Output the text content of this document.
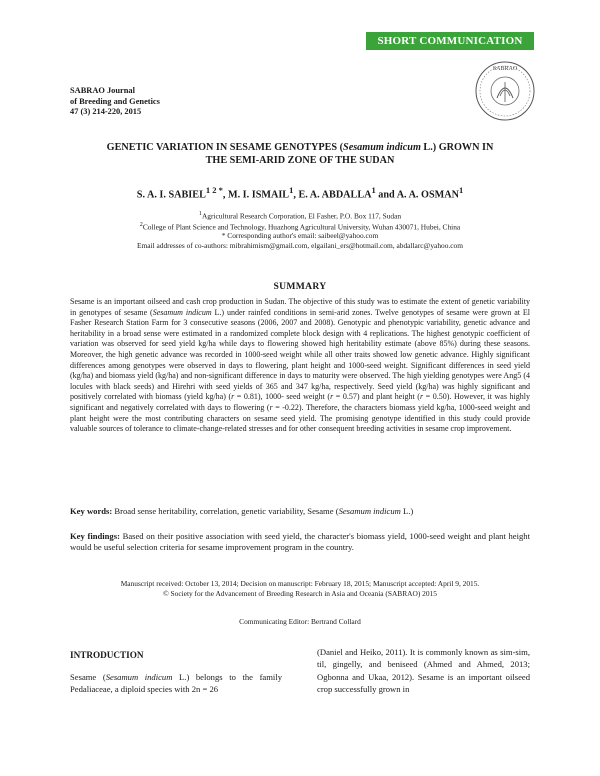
SHORT COMMUNICATION
SABRAO Journal
of Breeding and Genetics
47 (3) 214-220, 2015
SABRAO
GENETIC VARIATION IN SESAME GENOTYPES (Sesamum indicum L.) GROWN IN
THE SEMI-ARID ZONE OF THE SUDAN
S. A. I. $SABIEL^{1 2 *}$, M. I. ISMAIL$^1$, E. A. ABDALLA$^1$ and A. A. OSMAN$^1$
$^1$Agricultural Research Corporation, El Fasher, P.O. Box 117, Sudan
$^2$College of Plant Science and Technology, Huazhong Agricultural University, Wuhan 430071, Hubei, China
* Corresponding author's email: saibeel@yahoo.com
Email addresses of co-authors: mibrahimism@gmail.com, elgailani_ers@hotmail.com, abdallarc@yahoo.com
SUMMARY
Sesame is an important oilseed and cash crop production in Sudan. The objective of this study was to estimate the extent of genetic variability in genotypes of sesame (Sesamum indicum L.) under rainfed conditions in semi-arid zones. Twelve genotypes of sesame were grown at El Fasher Research Station Farm for 3 consecutive seasons (2006, 2007 and 2008). Genotypic and phenotypic variability, genetic advance and heritability in a broad sense were estimated in a randomized complete block design with 4 replications. The highest genotypic coefficient of variation was observed for seed yield kg/ha while days to flowering showed high heritability estimate (above 85%) during these seasons. Moreover, the high genetic advance was recorded in 1000-seed weight while all other traits showed low genetic advance. Highly significant differences among genotypes were observed in days to flowering, plant height and 1000-seed weight. Significant differences in seed yield (kg/ha) and biomass yield (kg/ha) and non-significant difference in days to maturity were observed. The high yielding genotypes were Ang5 (4 locules with black seeds) and Hirehri with seed yields of 365 and 347 kg/ha, respectively. Seed yield (kg/ha) was highly significant and positively correlated with biomass (yield kg/ha) (r = 0.81), 1000- seed weight (r = 0.57) and plant height (r = 0.50). However, it was highly significant and negatively correlated with days to flowering (r = -0.22). Therefore, the characters biomass yield kg/ha, 1000-seed weight and plant height were the most contributing characters on sesame seed yield. The promising genotype identified in this study could provide valuable sources of tolerance to climate-change-related stresses and for other consequent breeding activities in sesame crop improvement.
Key words: Broad sense heritability, correlation, genetic variability, Sesame (Sesamum indicum L.)
Key findings: Based on their positive association with seed yield, the character's biomass yield, 1000-seed weight and plant height would be useful selection criteria for sesame improvement program in the country.
Manuscript received: October 13, 2014; Decision on manuscript: February 18, 2015; Manuscript accepted: April 9, 2015.
© Society for the Advancement of Breeding Research in Asia and Oceania (SABRAO) 2015
Communicating Editor: Bertrand Collard
INTRODUCTION
Sesame (Sesamum indicum L.) belongs to the family Pedaliaceae, a diploid species with 2n = 26
(Daniel and Heiko, 2011). It is commonly known as sim-sim, til, gingelly, and beniseed (Ahmed and Ahmed, 2013; Ogbonna and Ukaa, 2012). Sesame is an important oilseed crop successfully grown in
